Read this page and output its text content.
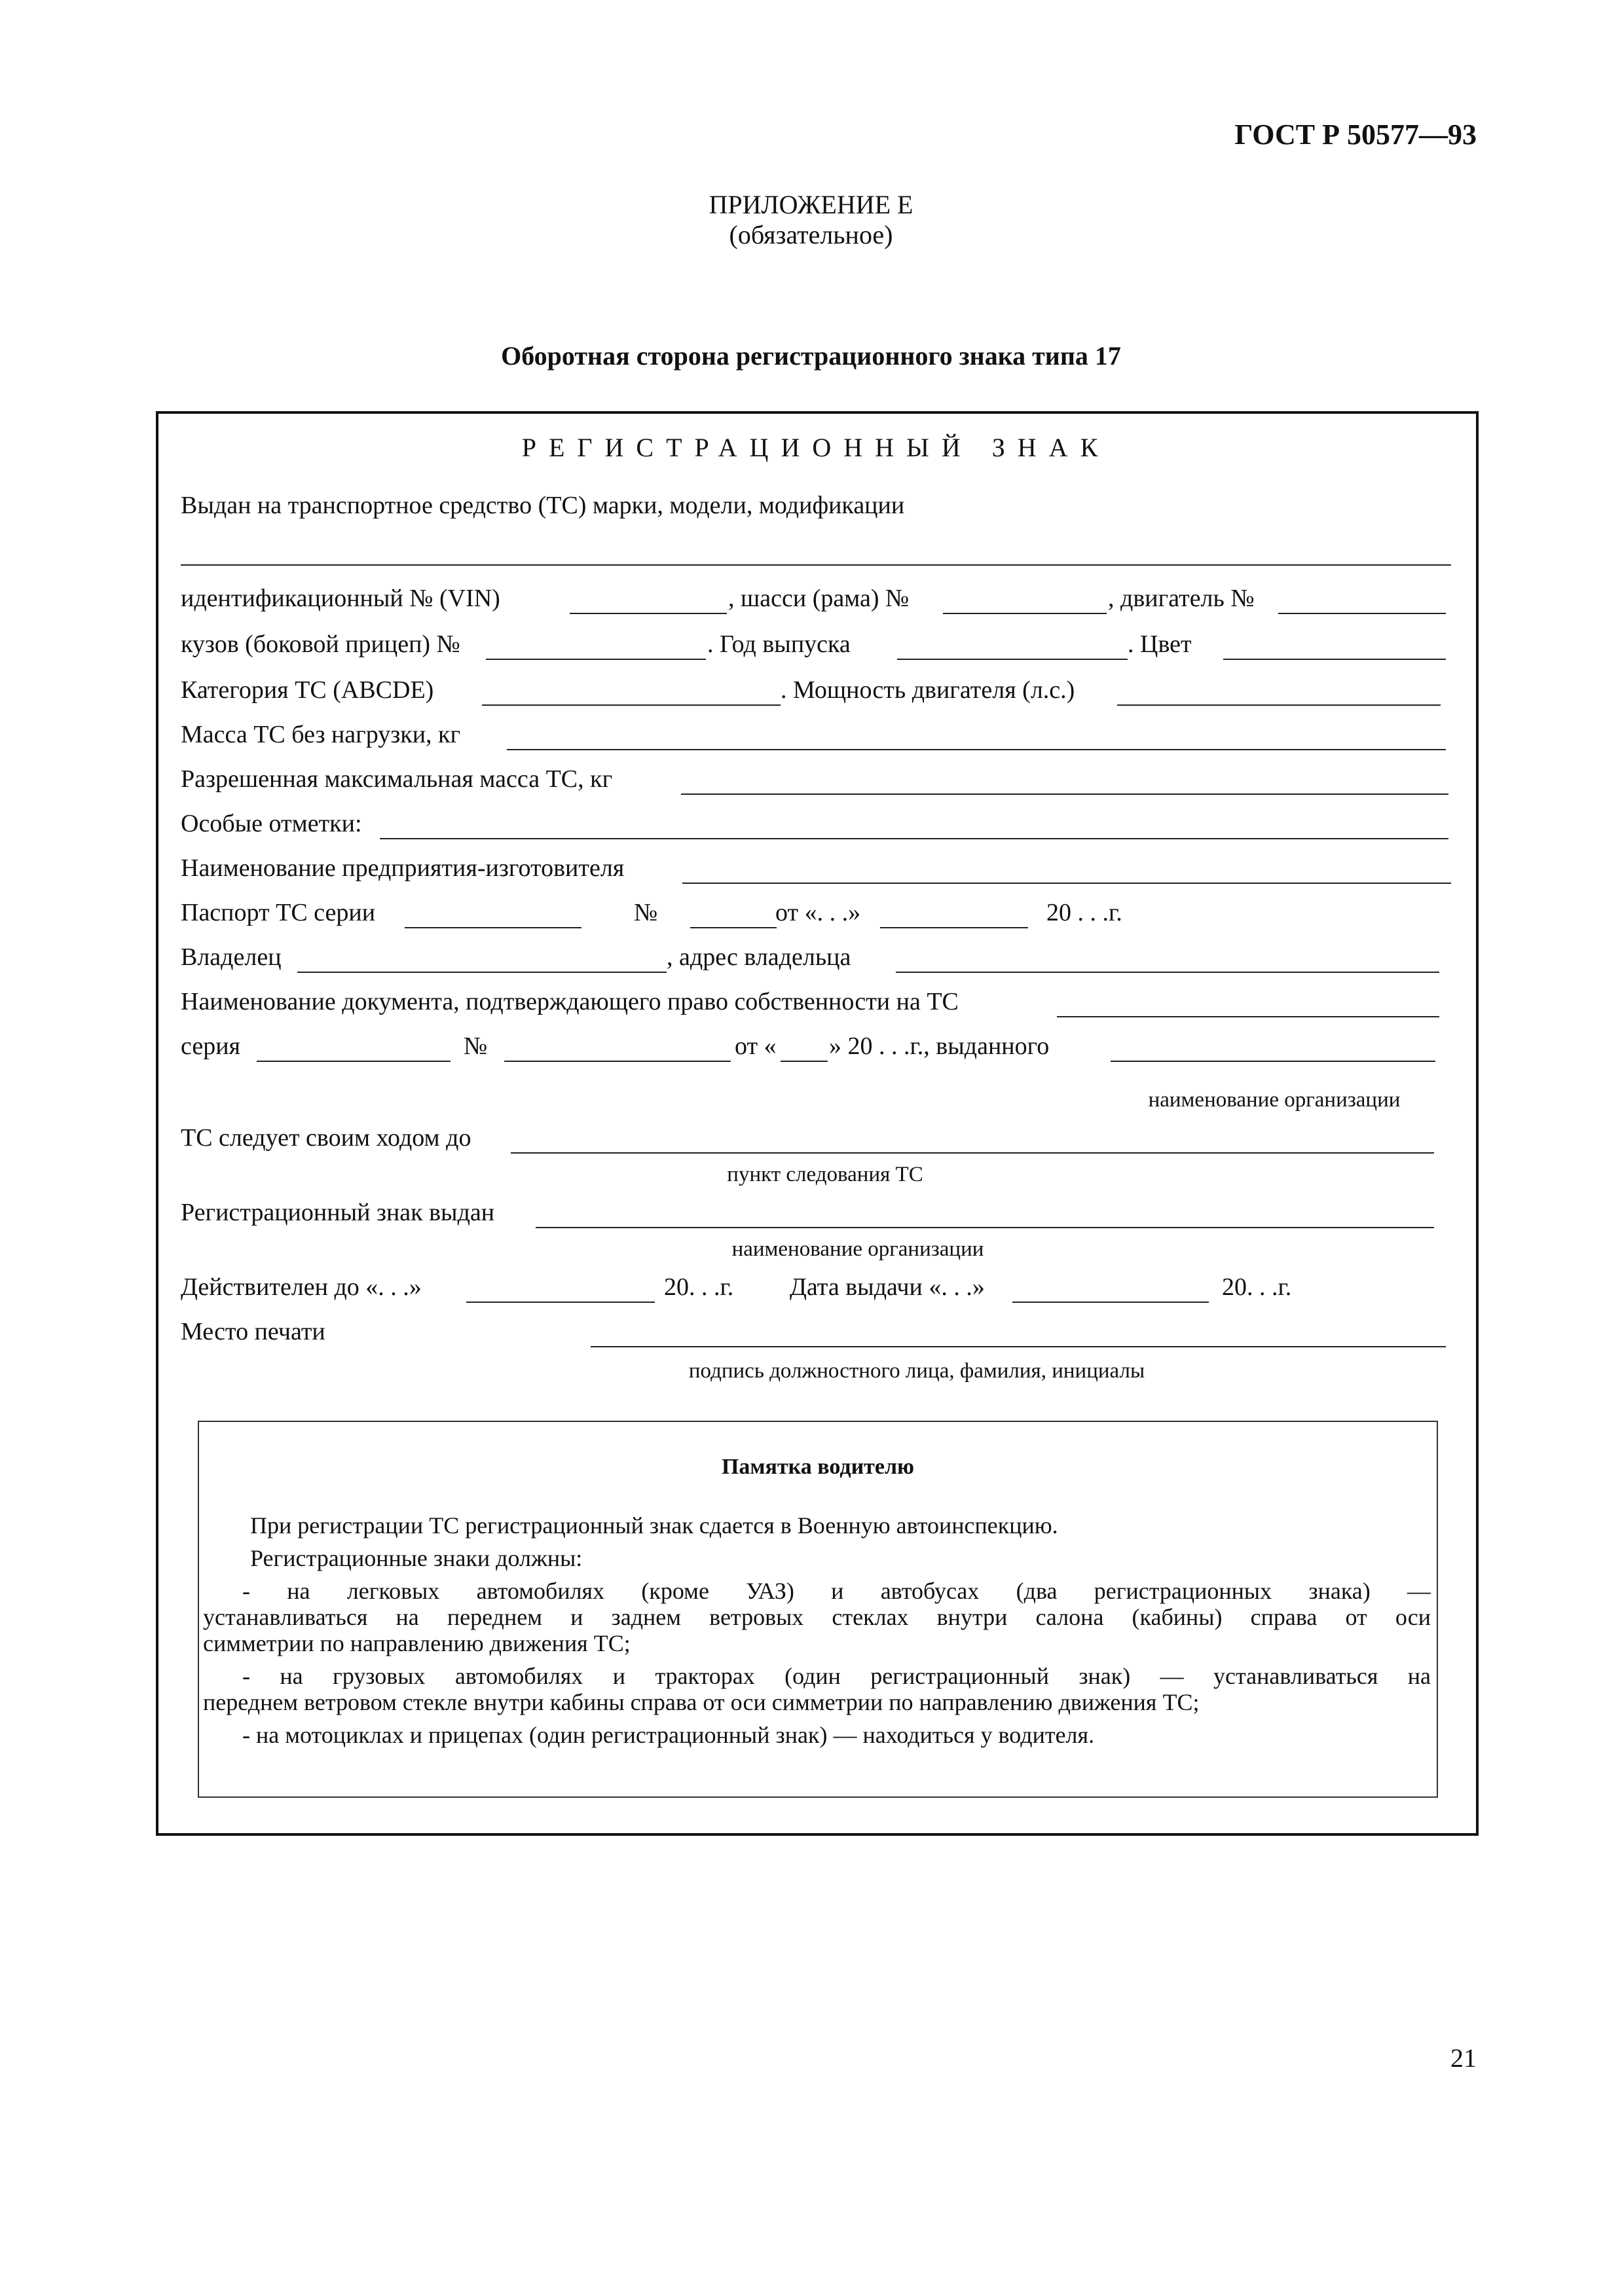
ГОСТ Р 50577—93
ПРИЛОЖЕНИЕ Е
(обязательное)
Оборотная сторона регистрационного знака типа 17
РЕГИСТРАЦИОННЫЙ ЗНАК
Выдан на транспортное средство (ТС) марки, модели, модификации
идентификационный № (VIN)	, шасси (рама) №	, двигатель №
кузов (боковой прицеп) №	. Год выпуска	. Цвет
Категория ТС (ABCDE)	. Мощность двигателя (л.с.)
Масса ТС без нагрузки, кг
Разрешенная максимальная масса ТС, кг
Особые отметки:
Наименование предприятия-изготовителя
Паспорт ТС серии	№	от «. . .»	20 . . .г.
Владелец	, адрес владельца
Наименование документа, подтверждающего право собственности на ТС
серия	№	от « » 20 . . .г., выданного
наименование организации
ТС следует своим ходом до
пункт следования ТС
Регистрационный знак выдан
наименование организации
Действителен до «. . .»	20. . .г. Дата выдачи «. . .»	20. . .г.
Место печати
подпись должностного лица, фамилия, инициалы
Памятка водителю
При регистрации ТС регистрационный знак сдается в Военную автоинспекцию.
Регистрационные знаки должны:
- на легковых автомобилях (кроме УАЗ) и автобусах (два регистрационных знака) —
устанавливаться на переднем и заднем ветровых стеклах внутри салона (кабины) справа от оси
симметрии по направлению движения ТС;
- на грузовых автомобилях и тракторах (один регистрационный знак) — устанавливаться на
переднем ветровом стекле внутри кабины справа от оси симметрии по направлению движения ТС;
- на мотоциклах и прицепах (один регистрационный знак) — находиться у водителя.
21
